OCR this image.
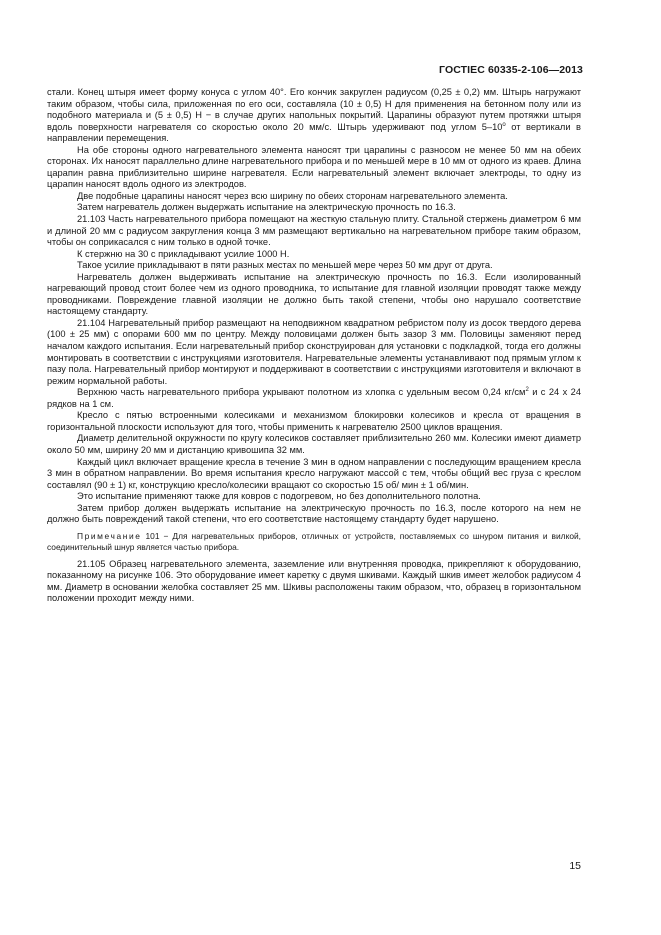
ГОСТIEC 60335-2-106—2013

стали. Конец штыря имеет форму конуса с углом 40°. Его кончик закруглен радиусом (0,25 ± 0,2) мм. Штырь нагружают таким образом, чтобы сила, приложенная по его оси, составляла (10 ± 0,5) Н для применения на бетонном полу или из подобного материала и (5 ± 0,5) Н − в случае других напольных покрытий. Царапины образуют путем протяжки штыря вдоль поверхности нагревателя со скоростью около 20 мм/с. Штырь удерживают под углом 5–10$^o$ от вертикали в направлении перемещения.

На обе стороны одного нагревательного элемента наносят три царапины с разносом не менее 50 мм на обеих сторонах. Их наносят параллельно длине нагревательного прибора и по меньшей мере в 10 мм от одного из краев. Длина царапин равна приблизительно ширине нагревателя. Если нагревательный элемент включает электроды, то одну из царапин наносят вдоль одного из электродов.

Две подобные царапины наносят через всю ширину по обеих сторонам нагревательного элемента.

Затем нагреватель должен выдержать испытание на электрическую прочность по 16.3.

21.103 Часть нагревательного прибора помещают на жесткую стальную плиту. Стальной стержень диаметром 6 мм и длиной 20 мм с радиусом закругления конца 3 мм размещают вертикально на нагревательном приборе таким образом, чтобы он соприкасался с ним только в одной точке.

К стержню на 30 с прикладывают усилие 1000 Н.

Такое усилие прикладывают в пяти разных местах по меньшей мере через 50 мм друг от друга.

Нагреватель должен выдерживать испытание на электрическую прочность по 16.3. Если изолированный нагревающий провод стоит более чем из одного проводника, то испытание для главной изоляции проводят также между проводниками. Повреждение главной изоляции не должно быть такой степени, чтобы оно нарушало соответствие настоящему стандарту.

21.104 Нагревательный прибор размещают на неподвижном квадратном ребристом полу из досок твердого дерева (100 ± 25 мм) с опорами 600 мм по центру. Между половицами должен быть зазор 3 мм. Половицы заменяют перед началом каждого испытания. Если нагревательный прибор сконструирован для установки с подкладкой, тогда его должны монтировать в соответствии с инструкциями изготовителя. Нагревательные элементы устанавливают под прямым углом к пазу пола. Нагревательный прибор монтируют и поддерживают в соответствии с инструкциями изготовителя и включают в режим нормальной работы.

Верхнюю часть нагревательного прибора укрывают полотном из хлопка с удельным весом 0,24 $кг/см^2$ и с 24 х 24 рядков на 1 см.

Кресло с пятью встроенными колесиками и механизмом блокировки колесиков и кресла от вращения в горизонтальной плоскости используют для того, чтобы применить к нагревателю 2500 циклов вращения.

Диаметр делительной окружности по кругу колесиков составляет приблизительно 260 мм. Колесики имеют диаметр около 50 мм, ширину 20 мм и дистанцию кривошипа 32 мм.

Каждый цикл включает вращение кресла в течение 3 мин в одном направлении с последующим вращением кресла 3 мин в обратном направлении. Во время испытания кресло нагружают массой с тем, чтобы общий вес груза с креслом составлял (90 ± 1) кг, конструкцию кресло/колесики вращают со скоростью 15 об/ мин ± 1 об/мин.

Это испытание применяют также для ковров с подогревом, но без дополнительного полотна.

Затем прибор должен выдержать испытание на электрическую прочность по 16.3, после которого на нем не должно быть повреждений такой степени, что его соответствие настоящему стандарту будет нарушено.

Примечание 101 − Для нагревательных приборов, отличных от устройств, поставляемых со шнуром питания и вилкой, соединительный шнур является частью прибора.

21.105 Образец нагревательного элемента, заземление или внутренняя проводка, прикрепляют к оборудованию, показанному на рисунке 106. Это оборудование имеет каретку с двумя шкивами. Каждый шкив имеет желобок радиусом 4 мм. Диаметр в основании желобка составляет 25 мм. Шкивы расположены таким образом, что, образец в горизонтальном положении проходит между ними.

15
